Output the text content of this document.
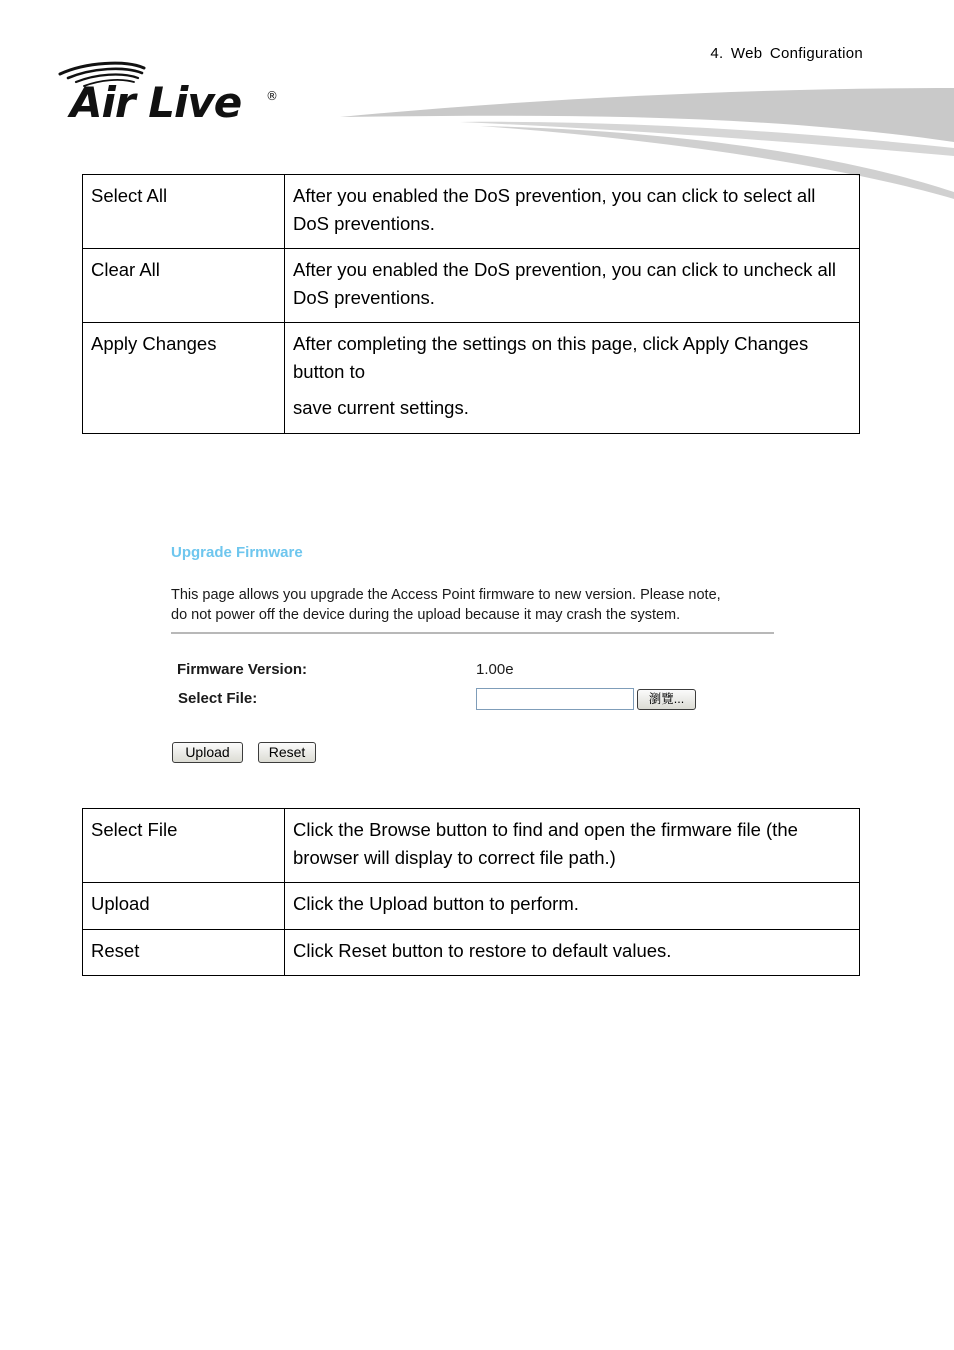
4. Web Configuration
Air Live ®
Select All	After you enabled the DoS prevention, you can click to select all DoS preventions.

Clear All	After you enabled the DoS prevention, you can click to uncheck all DoS preventions.

Apply Changes	After completing the settings on this page, click Apply Changes button to

save current settings.

Upgrade Firmware
This page allows you upgrade the Access Point firmware to new version. Please note,
do not power off the device during the upload because it may crash the system.
Firmware Version:	1.00e
Select File:	瀏覽...
Upload	Reset
Select File	Click the Browse button to find and open the firmware file (the browser will display to correct file path.)

Upload	Click the Upload button to perform.

Reset	Click Reset button to restore to default values.
